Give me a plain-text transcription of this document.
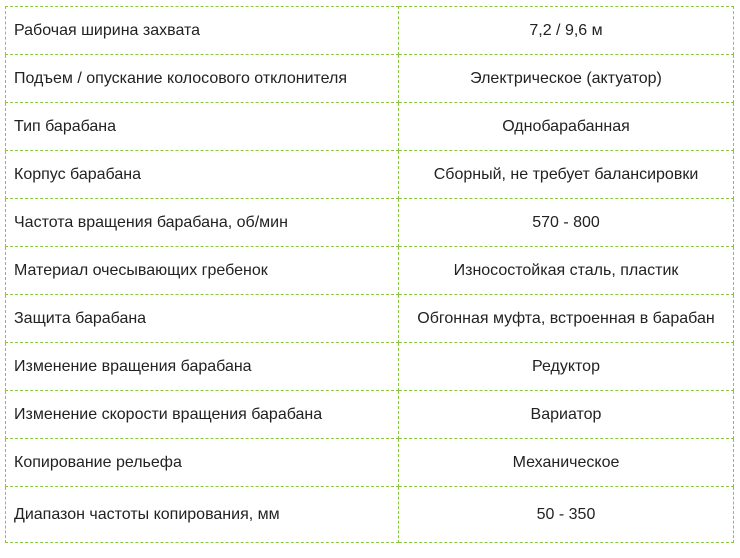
Рабочая ширина захвата	7,2 / 9,6 м
Подъем / опускание колосового отклонителя	Электрическое (актуатор)
Тип барабана	Однобарабанная
Корпус барабана	Сборный, не требует балансировки
Частота вращения барабана, об/мин	570 - 800
Материал очесывающих гребенок	Износостойкая сталь, пластик
Защита барабана	Обгонная муфта, встроенная в барабан
Изменение вращения барабана	Редуктор
Изменение скорости вращения барабана	Вариатор
Копирование рельефа	Механическое
Диапазон частоты копирования, мм	50 - 350
